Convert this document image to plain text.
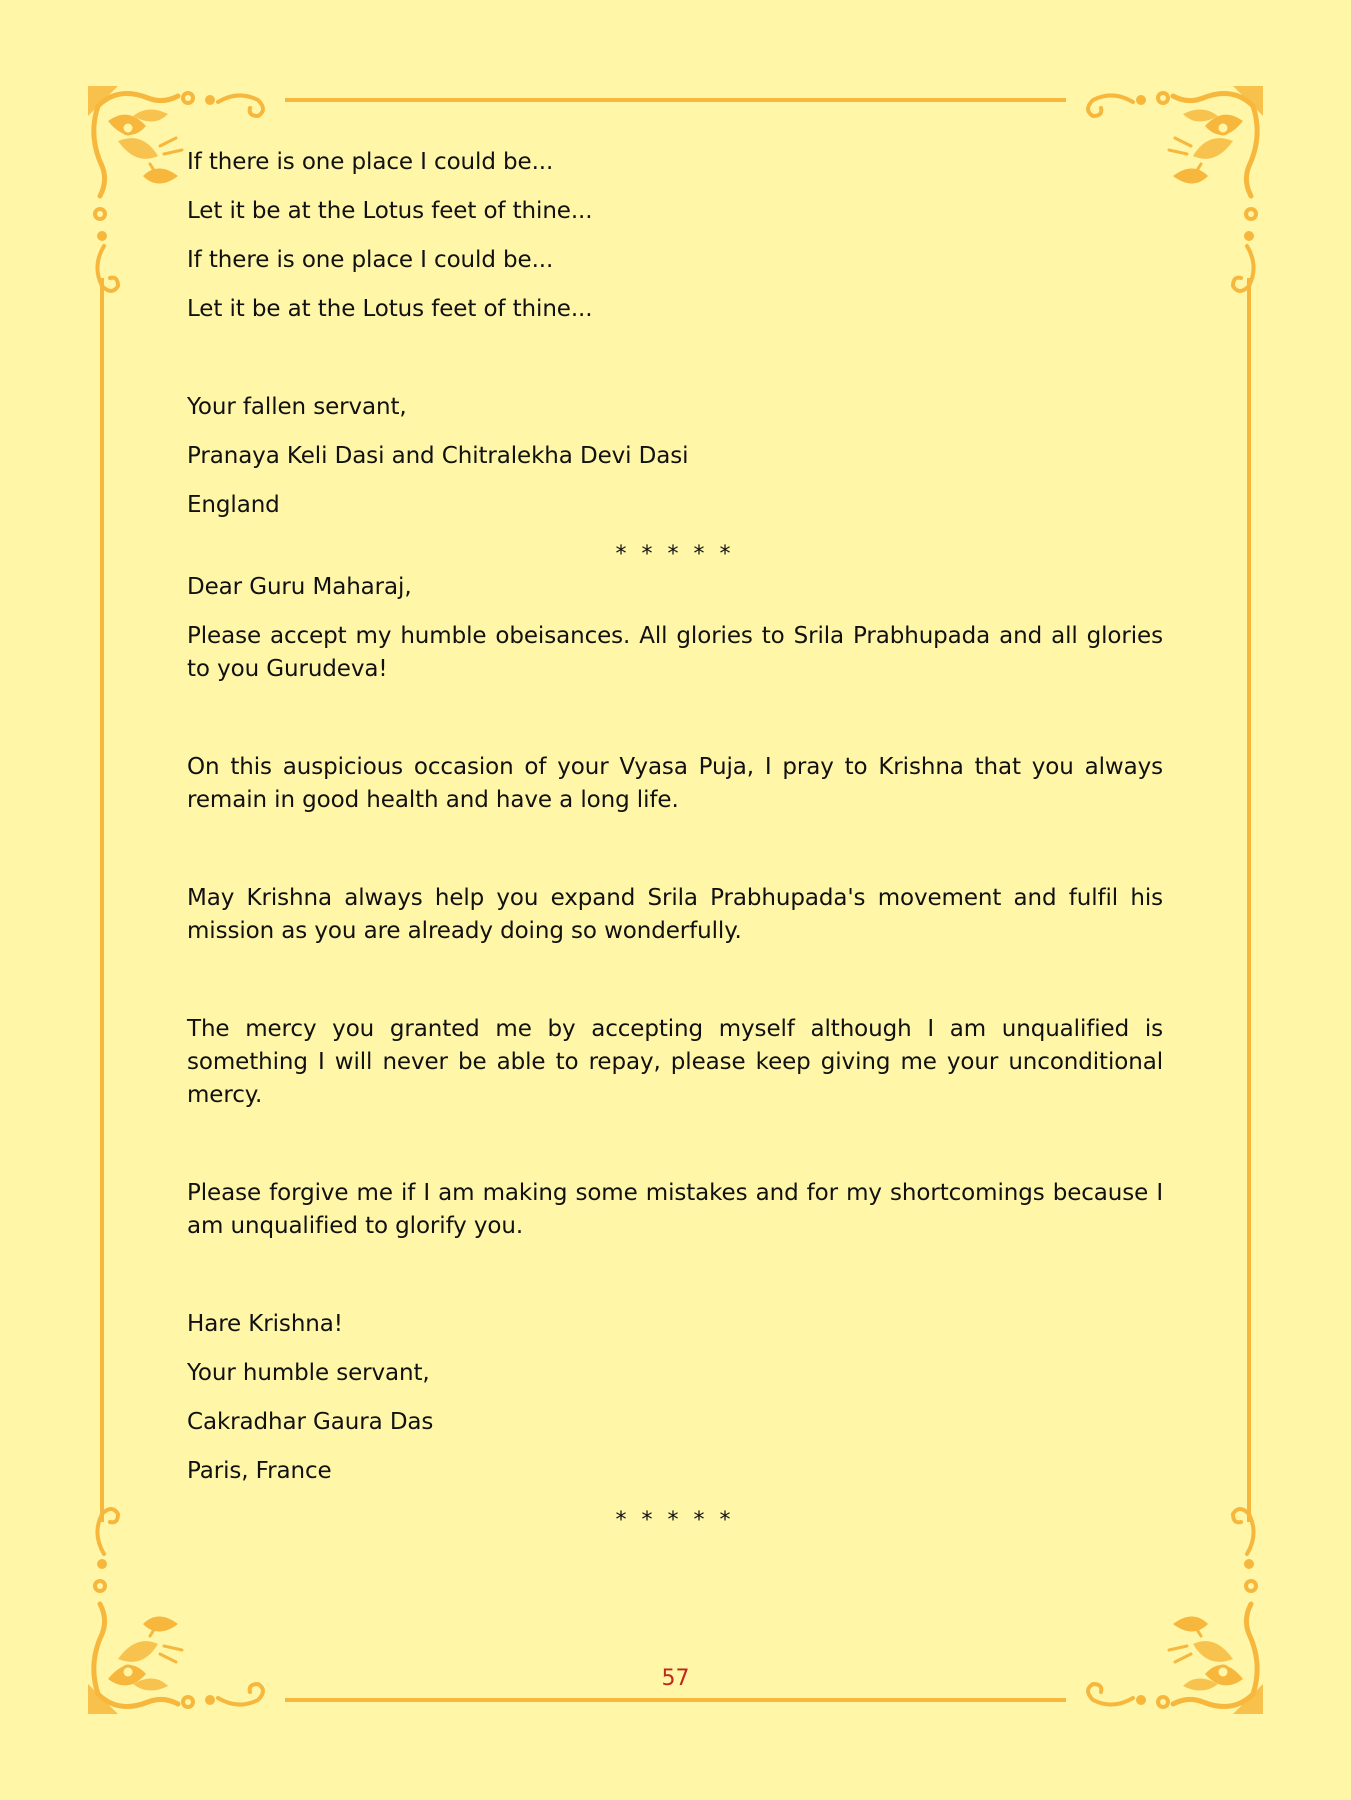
If there is one place I could be...

Let it be at the Lotus feet of thine...

If there is one place I could be...

Let it be at the Lotus feet of thine...

Your fallen servant,

Pranaya Keli Dasi and Chitralekha Devi Dasi

England

* * * * *

Dear Guru Maharaj,

Please accept my humble obeisances. All glories to Srila Prabhupada and all glories to you Gurudeva!

On this auspicious occasion of your Vyasa Puja, I pray to Krishna that you always remain in good health and have a long life.

May Krishna always help you expand Srila Prabhupada's movement and fulfil his mission as you are already doing so wonderfully.

The mercy you granted me by accepting myself although I am unqualified is something I will never be able to repay, please keep giving me your unconditional mercy.

Please forgive me if I am making some mistakes and for my shortcomings because I am unqualified to glorify you.

Hare Krishna!

Your humble servant,

Cakradhar Gaura Das

Paris, France

* * * * *

57
